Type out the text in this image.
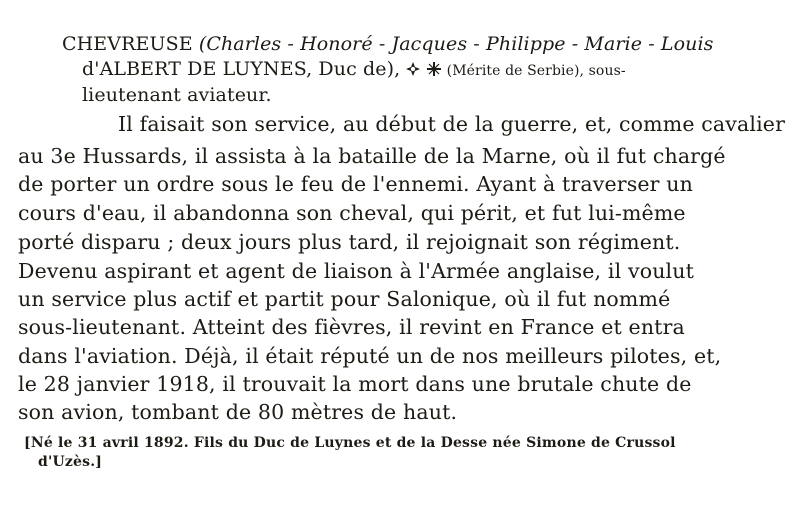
CHEVREUSE (Charles - Honoré - Jacques - Philippe - Marie - Louis
d'ALBERT DE LUYNES, Duc de),	(Mérite de Serbie), sous-
lieutenant aviateur.
Il faisait son service, au début de la guerre, et, comme cavalier
au 3e Hussards, il assista à la bataille de la Marne, où il fut chargé
de porter un ordre sous le feu de l'ennemi. Ayant à traverser un
cours d'eau, il abandonna son cheval, qui périt, et fut lui-même
porté disparu ; deux jours plus tard, il rejoignait son régiment.
Devenu aspirant et agent de liaison à l'Armée anglaise, il voulut
un service plus actif et partit pour Salonique, où il fut nommé
sous-lieutenant. Atteint des fièvres, il revint en France et entra
dans l'aviation. Déjà, il était réputé un de nos meilleurs pilotes, et,
le 28 janvier 1918, il trouvait la mort dans une brutale chute de
son avion, tombant de 80 mètres de haut.
[Né le 31 avril 1892. Fils du Duc de Luynes et de la Desse née Simone de Crussol
d'Uzès.]
